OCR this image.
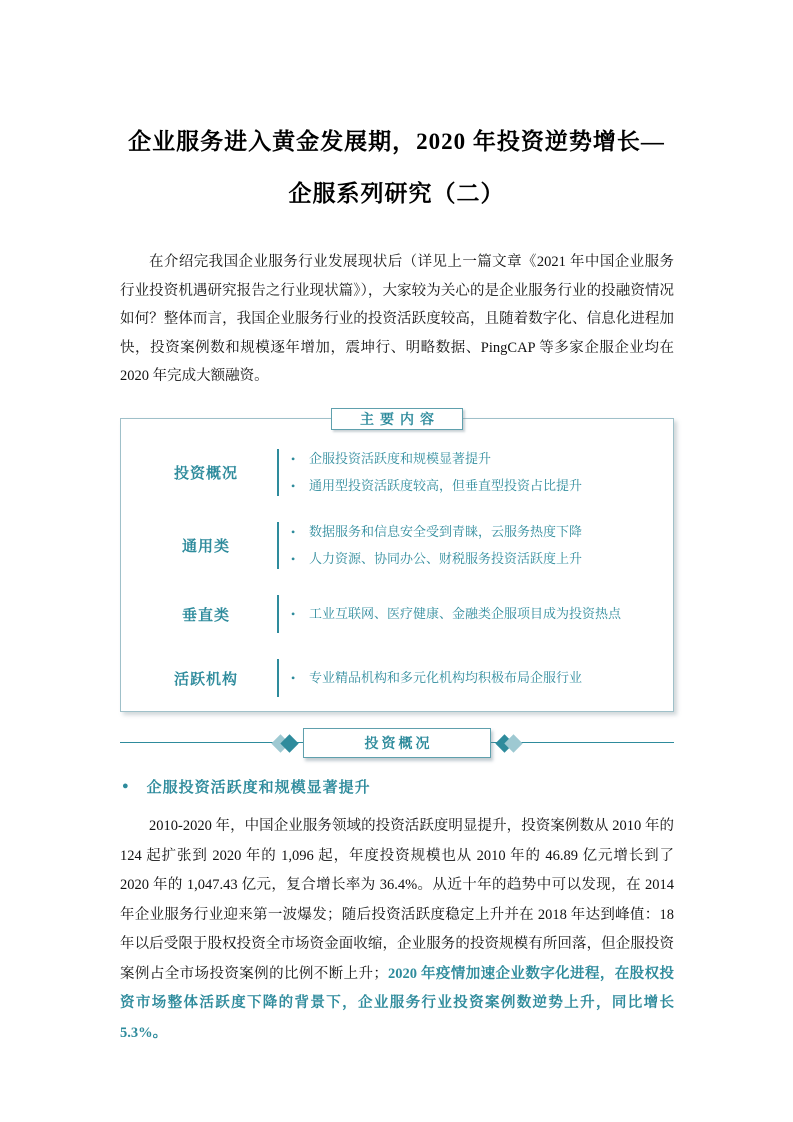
企业服务进入黄金发展期，2020 年投资逆势增长—
企服系列研究（二）

在介绍完我国企业服务行业发展现状后（详见上一篇文章《2021 年中国企业服务行业投资机遇研究报告之行业现状篇》），大家较为关心的是企业服务行业的投融资情况如何？整体而言，我国企业服务行业的投资活跃度较高，且随着数字化、信息化进程加快，投资案例数和规模逐年增加，震坤行、明略数据、PingCAP 等多家企服企业均在 2020 年完成大额融资。

主要内容
投资概况
•	企服投资活跃度和规模显著提升
•	通用型投资活跃度较高，但垂直型投资占比提升
通用类
•	数据服务和信息安全受到青睐，云服务热度下降
•	人力资源、协同办公、财税服务投资活跃度上升
垂直类	•	工业互联网、医疗健康、金融类企服项目成为投资热点
活跃机构	•	专业精品机构和多元化机构均积极布局企服行业
投资概况
● 企服投资活跃度和规模显著提升

2010-2020 年，中国企业服务领域的投资活跃度明显提升，投资案例数从 2010 年的 124 起扩张到 2020 年的 1,096 起，年度投资规模也从 2010 年的 46.89 亿元增长到了 2020 年的 1,047.43 亿元，复合增长率为 36.4%。从近十年的趋势中可以发现，在 2014 年企业服务行业迎来第一波爆发；随后投资活跃度稳定上升并在 2018 年达到峰值：18 年以后受限于股权投资全市场资金面收缩，企业服务的投资规模有所回落，但企服投资案例占全市场投资案例的比例不断上升；2020 年疫情加速企业数字化进程，在股权投资市场整体活跃度下降的背景下，企业服务行业投资案例数逆势上升，同比增长 5.3%。
